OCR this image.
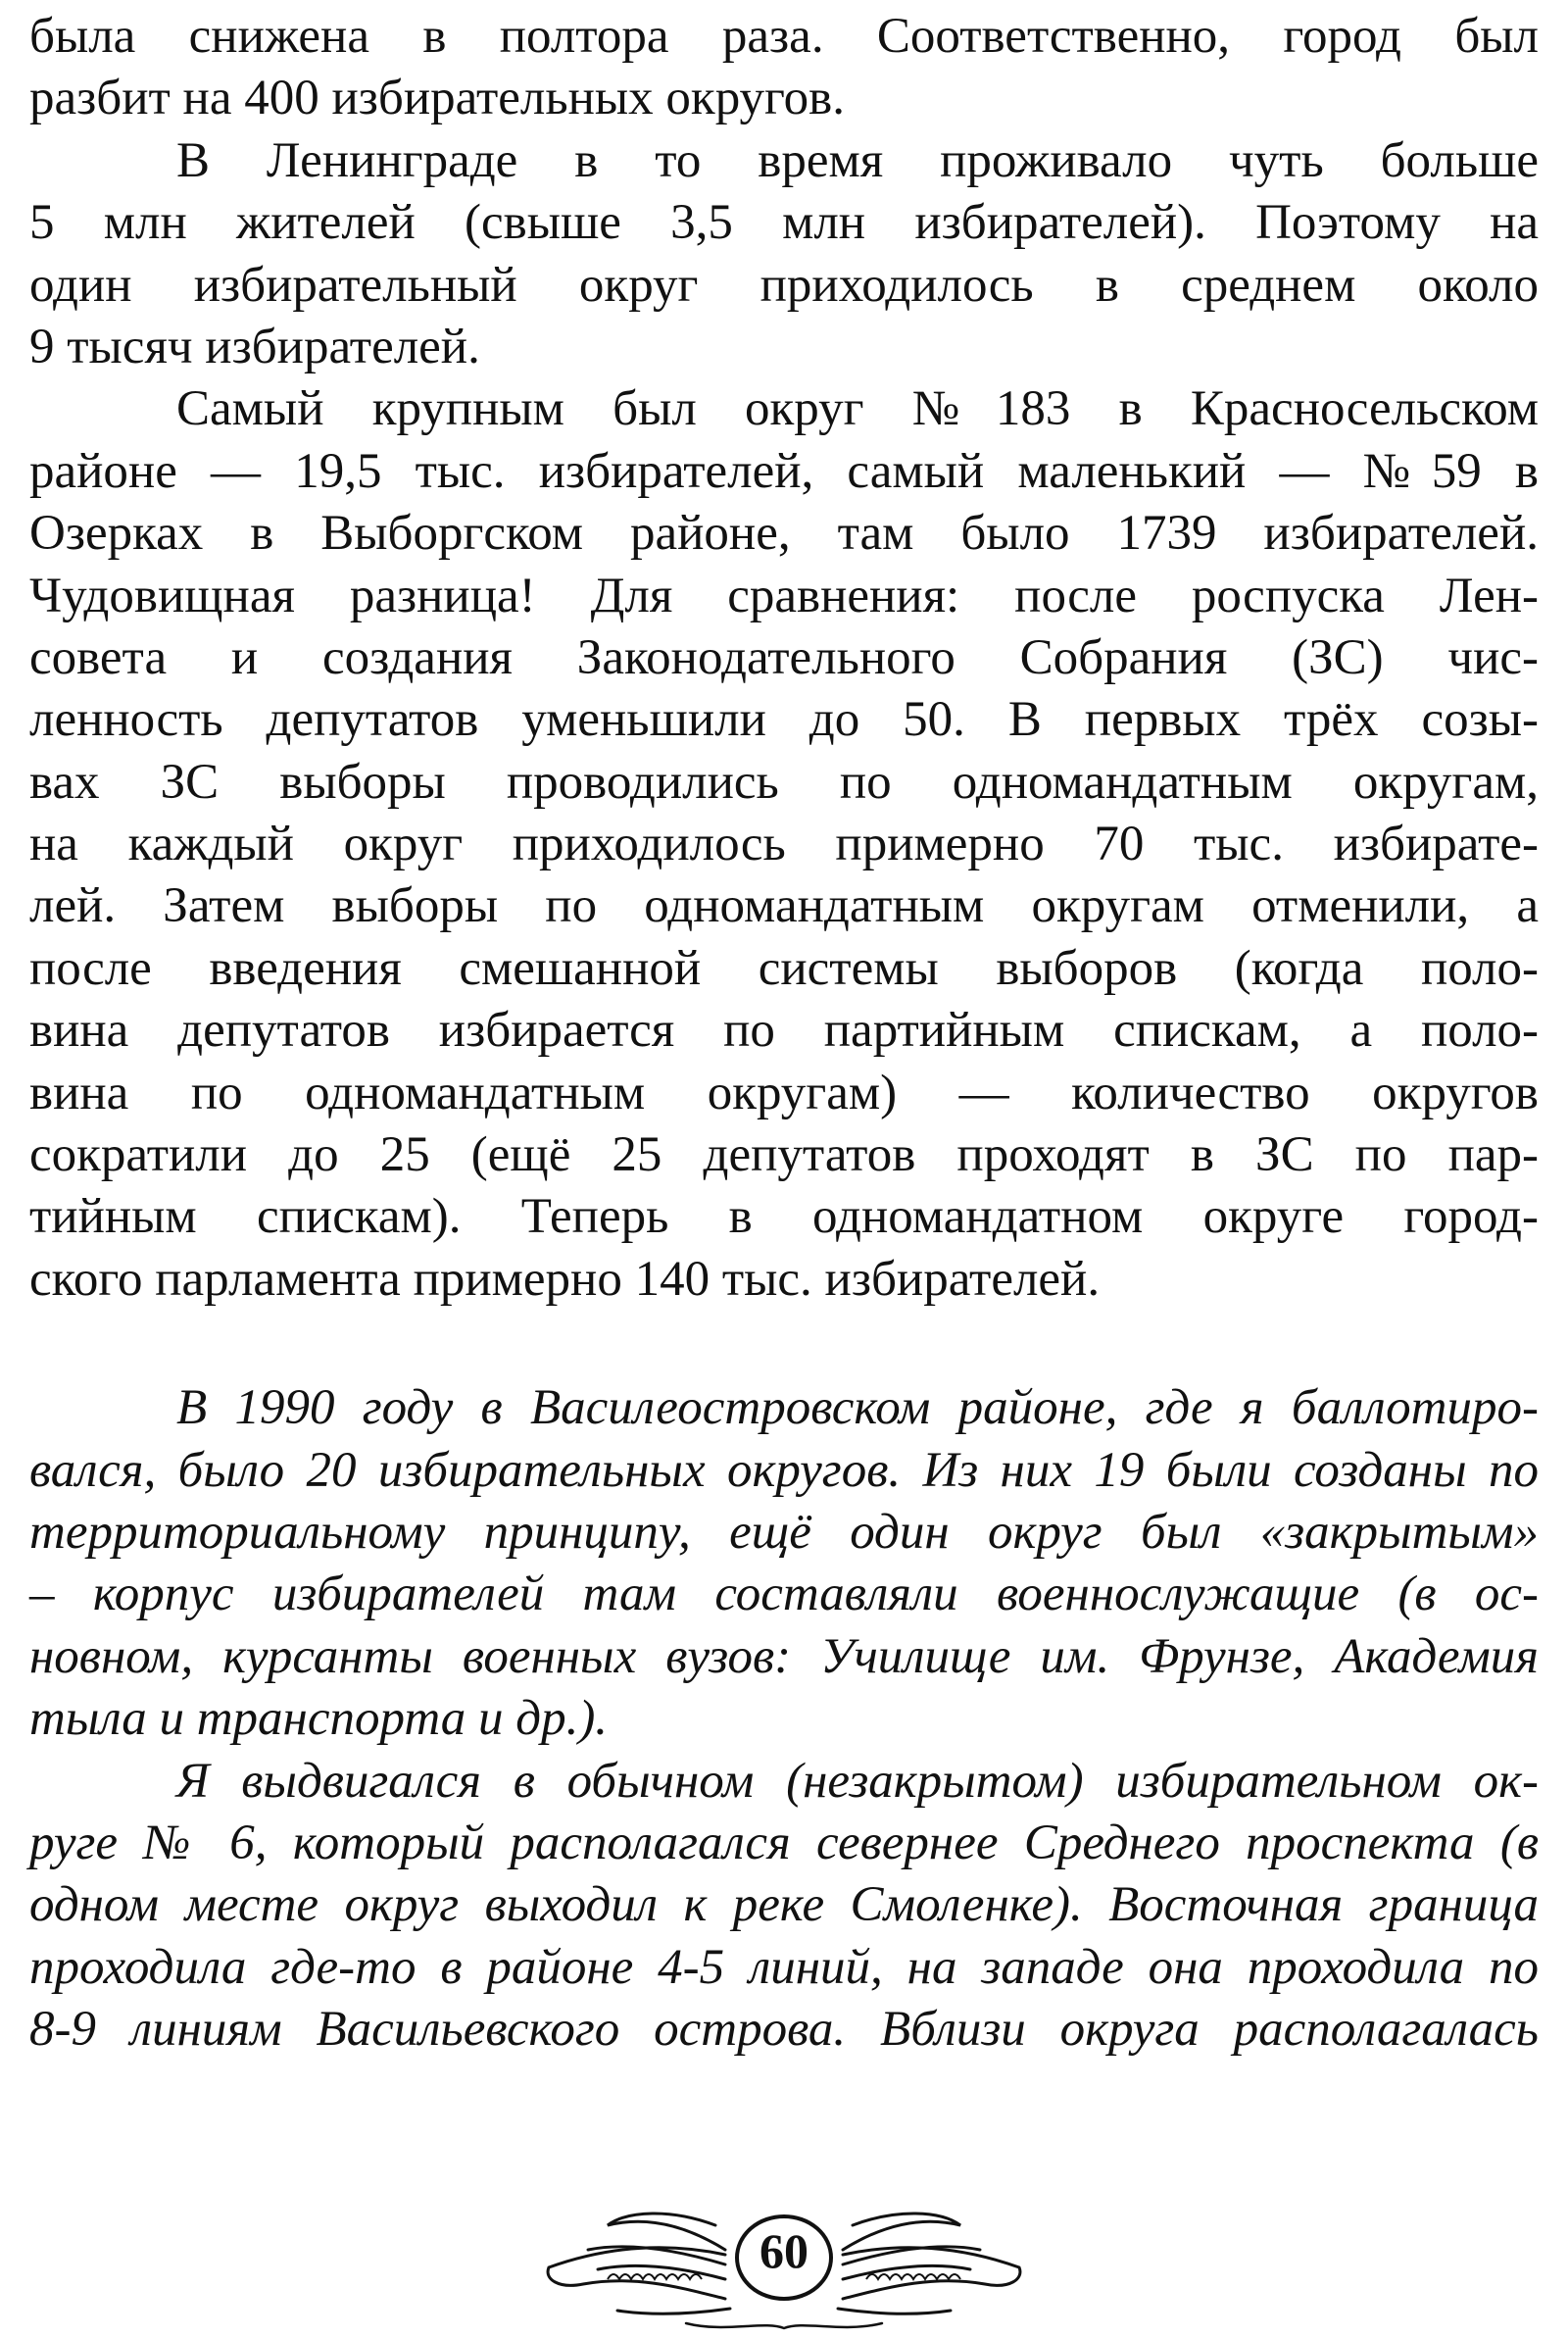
была снижена в полтора раза. Соответственно, город был
разбит на 400 избирательных округов.
В Ленинграде в то время проживало чуть больше
5 млн жителей (свыше 3,5 млн избирателей). Поэтому на
один избирательный округ приходилось в среднем около
9 тысяч избирателей.
Самый крупным был округ №183 в Красносельском
районе — 19,5 тыс. избирателей, самый маленький — №59 в
Озерках в Выборгском районе, там было 1739 избирателей.
Чудовищная разница! Для сравнения: после роспуска Лен-
совета и создания Законодательного Собрания (ЗС) чис-
ленность депутатов уменьшили до 50. В первых трёх созы-
вах ЗС выборы проводились по одномандатным округам,
на каждый округ приходилось примерно 70 тыс. избирате-
лей. Затем выборы по одномандатным округам отменили, а
после введения смешанной системы выборов (когда поло-
вина депутатов избирается по партийным спискам, а поло-
вина по одномандатным округам) — количество округов
сократили до 25 (ещё 25 депутатов проходят в ЗС по пар-
тийным спискам). Теперь в одномандатном округе город-
ского парламента примерно 140 тыс. избирателей.
В 1990 году в Василеостровском районе, где я баллотиро-
вался, было 20 избирательных округов. Из них 19 были созданы по
территориальному принципу, ещё один округ был «закрытым»
– корпус избирателей там составляли военнослужащие (в ос-
новном, курсанты военных вузов: Училище им. Фрунзе, Академия
тыла и транспорта и др.).
Я выдвигался в обычном (незакрытом) избирательном ок-
руге № 6, который располагался севернее Среднего проспекта (в
одном месте округ выходил к реке Смоленке). Восточная граница
проходила где-то в районе 4-5 линий, на западе она проходила по
8-9 линиям Васильевского острова. Вблизи округа располагалась
60
